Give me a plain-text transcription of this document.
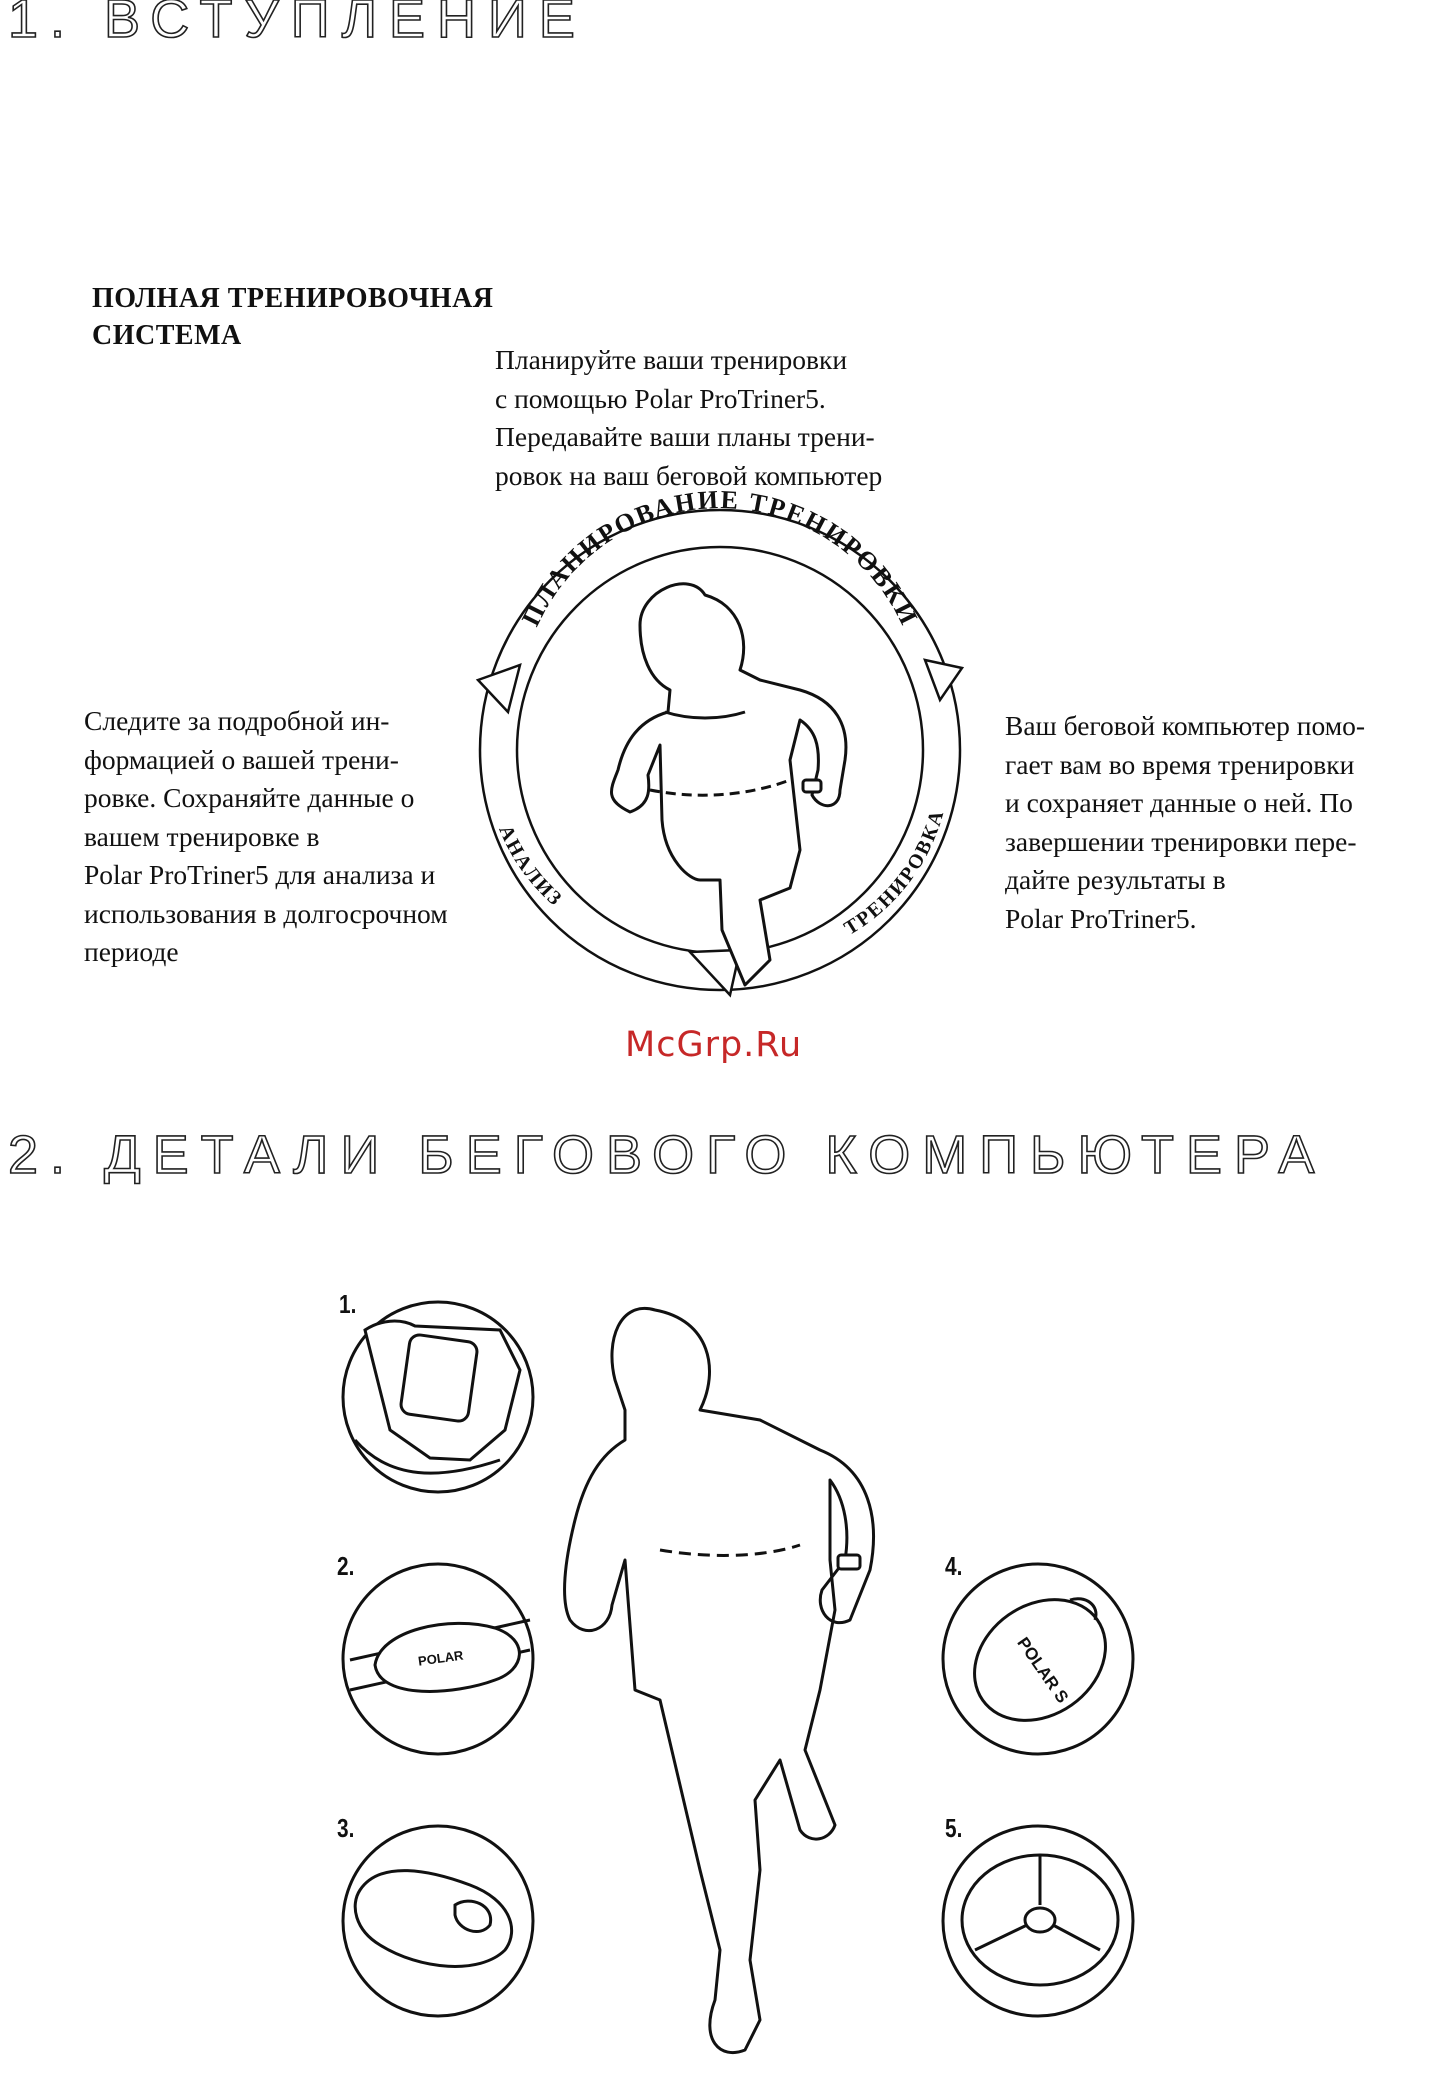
1. ВСТУПЛЕНИЕ
ПОЛНАЯ ТРЕНИРОВОЧНАЯ
СИСТЕМА
Планируйте ваши тренировки
с помощью Polar ProTriner5.
Передавайте ваши планы трени-
ровок на ваш беговой компьютер
Следите за подробной ин-
формацией о вашей трени-
ровке. Сохраняйте данные о
вашем тренировке в
Polar ProTriner5 для анализа и
использования в долгосрочном
периоде
Ваш беговой компьютер помо-
гает вам во время тренировки
и сохраняет данные о ней. По
завершении тренировки пере-
дайте результаты в
Polar ProTriner5.
ПЛАНИРОВАНИЕ ТРЕНИРОВКИ
ТРЕНИРОВКА
АНАЛИЗ
McGrp.Ru
2. ДЕТАЛИ БЕГОВОГО КОМПЬЮТЕРА
1.
2.
3.
4.
5.
POLAR	POLAR S
